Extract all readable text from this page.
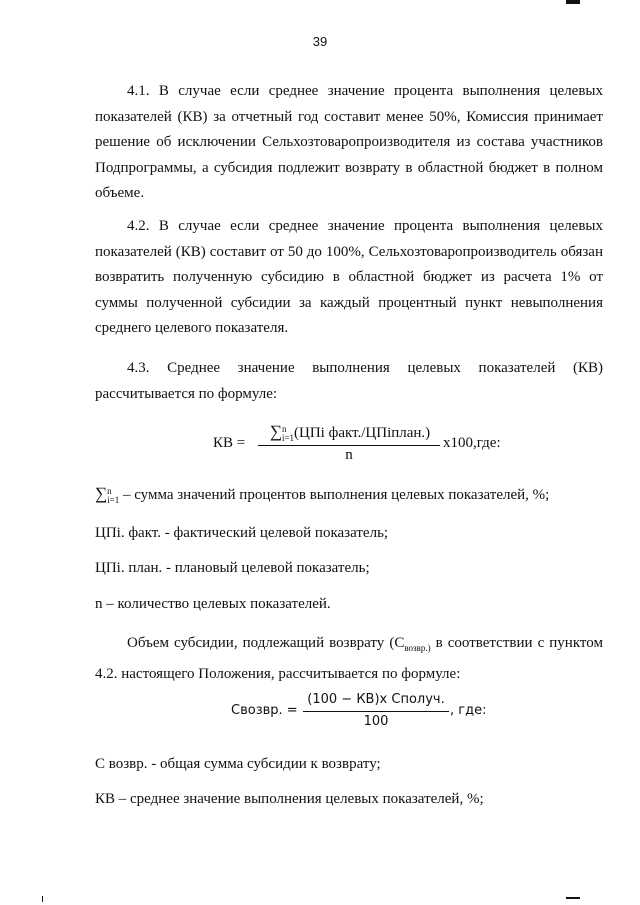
39

4.1. В случае если среднее значение процента выполнения целевых показателей (КВ) за отчетный год составит менее 50%, Комиссия принимает решение об исключении Сельхозтоваропроизводителя из состава участников Подпрограммы, а субсидия подлежит возврату в областной бюджет в полном объеме.

4.2. В случае если среднее значение процента выполнения целевых показателей (КВ) составит от 50 до 100%, Сельхозтоваропроизводитель обязан возвратить полученную субсидию в областной бюджет из расчета 1% от суммы полученной субсидии за каждый процентный пункт невыполнения среднего целевого показателя.

4.3. Среднее значение выполнения целевых показателей (КВ) рассчитывается по формуле:

КВ =
∑n
i=1(ЦПi факт./ЦПiплан.)
n
х100,где:
∑n
i=1 – сумма значений процентов выполнения целевых показателей, %;
ЦПi. факт. - фактический целевой показатель;
ЦПi. план. - плановый целевой показатель;
n – количество целевых показателей.

Объем субсидии, подлежащий возврату ($С_{возвр.)}$ в соответствии с пунктом 4.2. настоящего Положения, рассчитывается по формуле:

Свозвр. =
(100 − КВ)х Сполуч.
100
, где:
С возвр. - общая сумма субсидии к возврату;
КВ – среднее значение выполнения целевых показателей, %;
